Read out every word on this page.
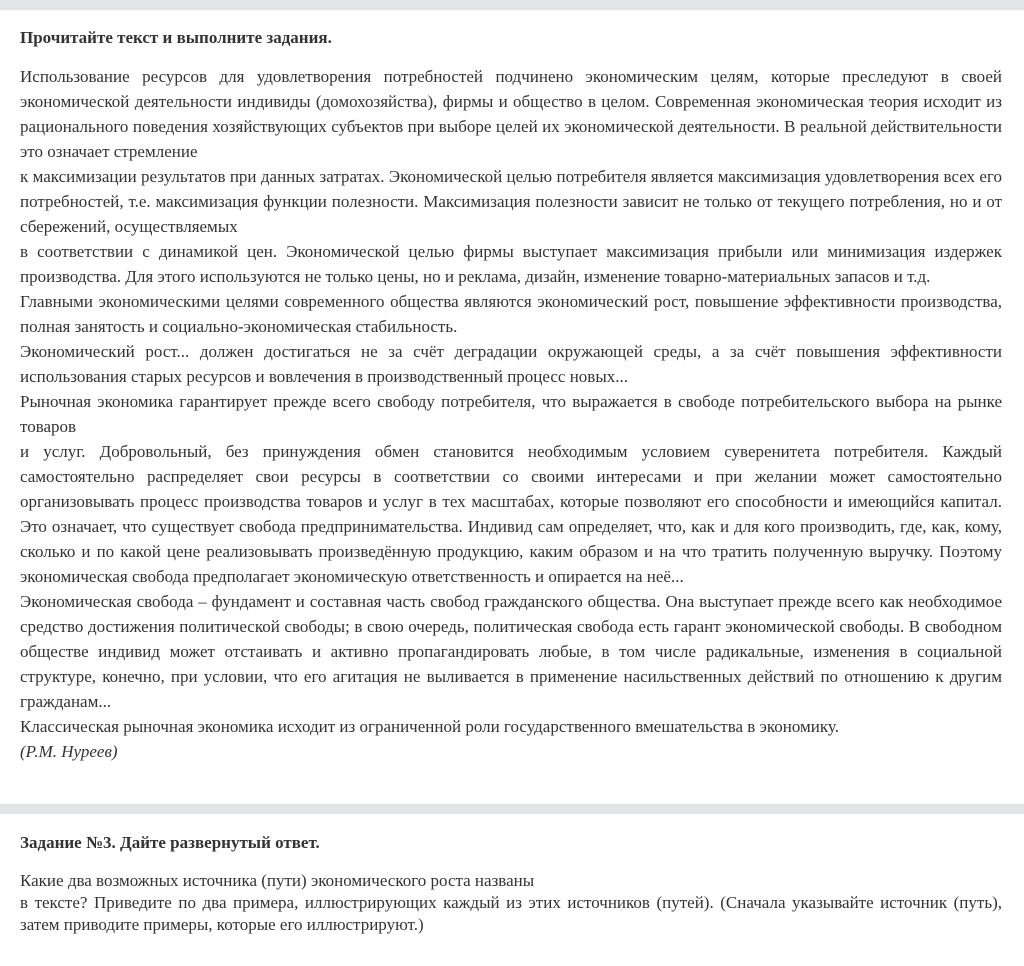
Прочитайте текст и выполните задания.

Использование ресурсов для удовлетворения потребностей подчинено экономическим целям, которые преследуют в своей экономической деятельности индивиды (домохозяйства), фирмы и общество в целом. Современная экономическая теория исходит из рационального поведения хозяйствующих субъектов при выборе целей их экономической деятельности. В реальной действительности это означает стремление

к максимизации результатов при данных затратах. Экономической целью потребителя является максимизация удовлетворения всех его потребностей, т.е. максимизация функции полезности. Максимизация полезности зависит не только от текущего потребления, но и от сбережений, осуществляемых

в соответствии с динамикой цен. Экономической целью фирмы выступает максимизация прибыли или минимизация издержек производства. Для этого используются не только цены, но и реклама, дизайн, изменение товарно-материальных запасов и т.д.

Главными экономическими целями современного общества являются экономический рост, повышение эффективности производства, полная занятость и социально-экономическая стабильность.

Экономический рост... должен достигаться не за счёт деградации окружающей среды, а за счёт повышения эффективности использования старых ресурсов и вовлечения в производственный процесс новых...

Рыночная экономика гарантирует прежде всего свободу потребителя, что выражается в свободе потребительского выбора на рынке товаров

и услуг. Добровольный, без принуждения обмен становится необходимым условием суверенитета потребителя. Каждый самостоятельно распределяет свои ресурсы в соответствии со своими интересами и при желании может самостоятельно организовывать процесс производства товаров и услуг в тех масштабах, которые позволяют его способности и имеющийся капитал. Это означает, что существует свобода предпринимательства. Индивид сам определяет, что, как и для кого производить, где, как, кому, сколько и по какой цене реализовывать произведённую продукцию, каким образом и на что тратить полученную выручку. Поэтому экономическая свобода предполагает экономическую ответственность и опирается на неё...

Экономическая свобода – фундамент и составная часть свобод гражданского общества. Она выступает прежде всего как необходимое средство достижения политической свободы; в свою очередь, политическая свобода есть гарант экономической свободы. В свободном обществе индивид может отстаивать и активно пропагандировать любые, в том числе радикальные, изменения в социальной структуре, конечно, при условии, что его агитация не выливается в применение насильственных действий по отношению к другим гражданам...

Классическая рыночная экономика исходит из ограниченной роли государственного вмешательства в экономику.

(Р.М. Нуреев)

Задание №3. Дайте развернутый ответ.

Какие два возможных источника (пути) экономического роста названы

в тексте? Приведите по два примера, иллюстрирующих каждый из этих источников (путей). (Сначала указывайте источник (путь), затем приводите примеры, которые его иллюстрируют.)
